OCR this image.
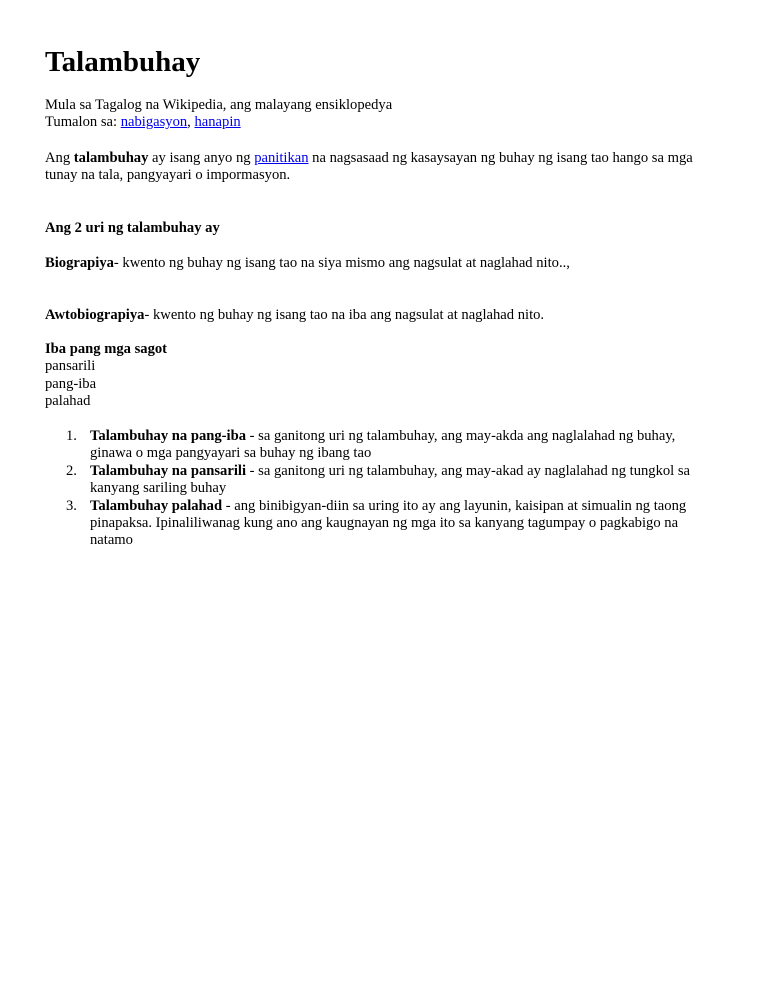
Talambuhay
Mula sa Tagalog na Wikipedia, ang malayang ensiklopedya
Tumalon sa: nabigasyon, hanapin
Ang talambuhay ay isang anyo ng panitikan na nagsasaad ng kasaysayan ng buhay ng isang tao hango sa mga
tunay na tala, pangyayari o impormasyon.
Ang 2 uri ng talambuhay ay
Biograpiya- kwento ng buhay ng isang tao na siya mismo ang nagsulat at naglahad nito..,
Awtobiograpiya- kwento ng buhay ng isang tao na iba ang nagsulat at naglahad nito.
Iba pang mga sagot
pansarili
pang-iba
palahad
1. Talambuhay na pang-iba - sa ganitong uri ng talambuhay, ang may-akda ang naglalahad ng buhay,
ginawa o mga pangyayari sa buhay ng ibang tao
2. Talambuhay na pansarili - sa ganitong uri ng talambuhay, ang may-akad ay naglalahad ng tungkol sa
kanyang sariling buhay
3. Talambuhay palahad - ang binibigyan-diin sa uring ito ay ang layunin, kaisipan at simualin ng taong
pinapaksa. Ipinaliliwanag kung ano ang kaugnayan ng mga ito sa kanyang tagumpay o pagkabigo na
natamo
